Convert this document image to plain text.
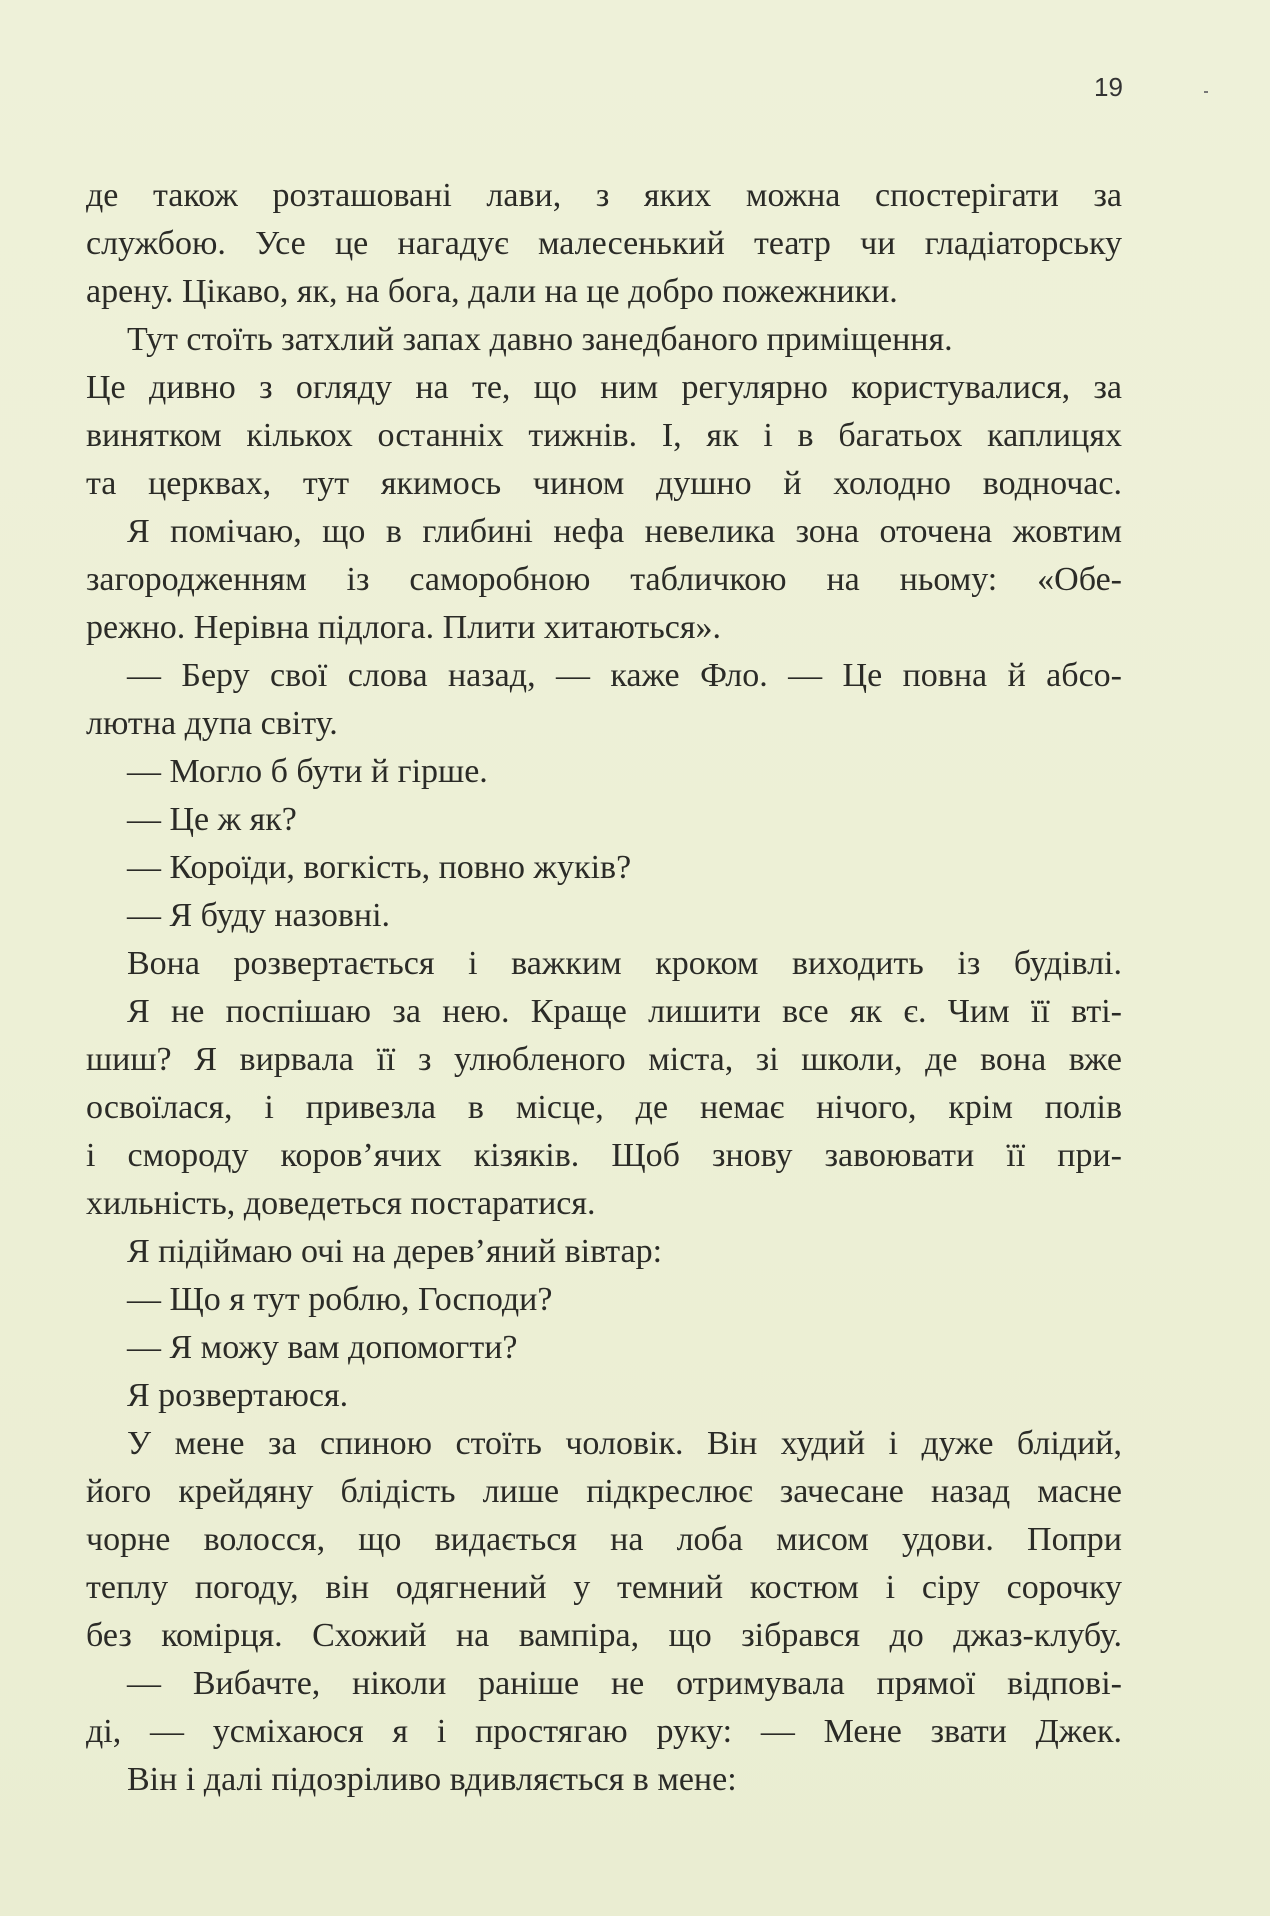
19
де також розташовані лави, з яких можна спостерігати за
службою. Усе це нагадує малесенький театр чи гладіаторську
арену. Цікаво, як, на бога, дали на це добро пожежники.
Тут стоїть затхлий запах давно занедбаного приміщення.
Це дивно з огляду на те, що ним регулярно користувалися, за
винятком кількох останніх тижнів. І, як і в багатьох каплицях
та церквах, тут якимось чином душно й холодно водночас.
Я помічаю, що в глибині нефа невелика зона оточена жовтим
загородженням із саморобною табличкою на ньому: «Обе-
режно. Нерівна підлога. Плити хитаються».
— Беру свої слова назад, — каже Фло. — Це повна й абсо-
лютна дупа світу.
— Могло б бути й гірше.
— Це ж як?
— Короїди, вогкість, повно жуків?
— Я буду назовні.
Вона розвертається і важким кроком виходить із будівлі.
Я не поспішаю за нею. Краще лишити все як є. Чим її вті-
шиш? Я вирвала її з улюбленого міста, зі школи, де вона вже
освоїлася, і привезла в місце, де немає нічого, крім полів
і смороду коров’ячих кізяків. Щоб знову завоювати її при-
хильність, доведеться постаратися.
Я підіймаю очі на дерев’яний вівтар:
— Що я тут роблю, Господи?
— Я можу вам допомогти?
Я розвертаюся.
У мене за спиною стоїть чоловік. Він худий і дуже блідий,
його крейдяну блідість лише підкреслює зачесане назад масне
чорне волосся, що видається на лоба мисом удови. Попри
теплу погоду, він одягнений у темний костюм і сіру сорочку
без комірця. Схожий на вампіра, що зібрався до джаз-клубу.
— Вибачте, ніколи раніше не отримувала прямої відпові-
ді, — усміхаюся я і простягаю руку: — Мене звати Джек.
Він і далі підозріливо вдивляється в мене:
